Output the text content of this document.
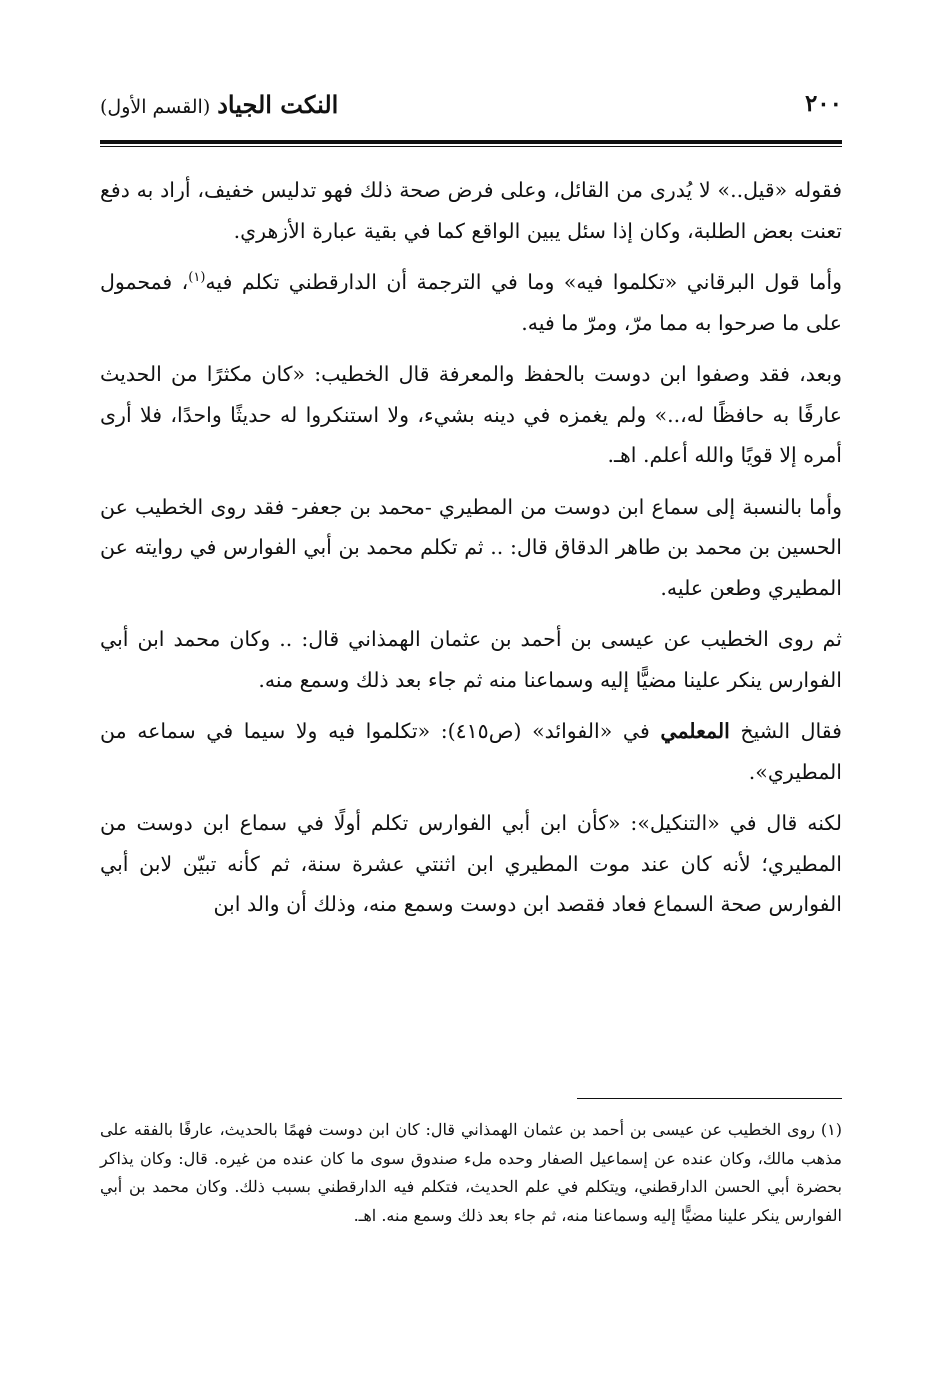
٢٠٠
النكت الجياد (القسم الأول)

فقوله «قيل..» لا يُدرى من القائل، وعلى فرض صحة ذلك فهو تدليس خفيف، أراد به دفع تعنت بعض الطلبة، وكان إذا سئل يبين الواقع كما في بقية عبارة الأزهري.

وأما قول البرقاني «تكلموا فيه» وما في الترجمة أن الدارقطني تكلم فيه$^{(١)}$، فمحمول على ما صرحوا به مما مرّ، ومرّ ما فيه.

وبعد، فقد وصفوا ابن دوست بالحفظ والمعرفة قال الخطيب: «كان مكثرًا من الحديث عارفًا به حافظًا له،..» ولم يغمزه في دينه بشيء، ولا استنكروا له حديثًا واحدًا، فلا أرى أمره إلا قويًا والله أعلم. اهـ.

وأما بالنسبة إلى سماع ابن دوست من المطيري -محمد بن جعفر- فقد روى الخطيب عن الحسين بن محمد بن طاهر الدقاق قال: .. ثم تكلم محمد بن أبي الفوارس في روايته عن المطيري وطعن عليه.

ثم روى الخطيب عن عيسى بن أحمد بن عثمان الهمذاني قال: .. وكان محمد ابن أبي الفوارس ينكر علينا مضيًّا إليه وسماعنا منه ثم جاء بعد ذلك وسمع منه.

فقال الشيخ المعلمي في «الفوائد» (ص٤١٥): «تكلموا فيه ولا سيما في سماعه من المطيري».

لكنه قال في «التنكيل»: «كأن ابن أبي الفوارس تكلم أولًا في سماع ابن دوست من المطيري؛ لأنه كان عند موت المطيري ابن اثنتي عشرة سنة، ثم كأنه تبيّن لابن أبي الفوارس صحة السماع فعاد فقصد ابن دوست وسمع منه، وذلك أن والد ابن

(١) روى الخطيب عن عيسى بن أحمد بن عثمان الهمذاني قال: كان ابن دوست فهمًا بالحديث، عارفًا بالفقه على مذهب مالك، وكان عنده عن إسماعيل الصفار وحده ملء صندوق سوى ما كان عنده من غيره. قال: وكان يذاكر بحضرة أبي الحسن الدارقطني، ويتكلم في علم الحديث، فتكلم فيه الدارقطني بسبب ذلك. وكان محمد بن أبي الفوارس ينكر علينا مضيًّا إليه وسماعنا منه، ثم جاء بعد ذلك وسمع منه. اهـ.
